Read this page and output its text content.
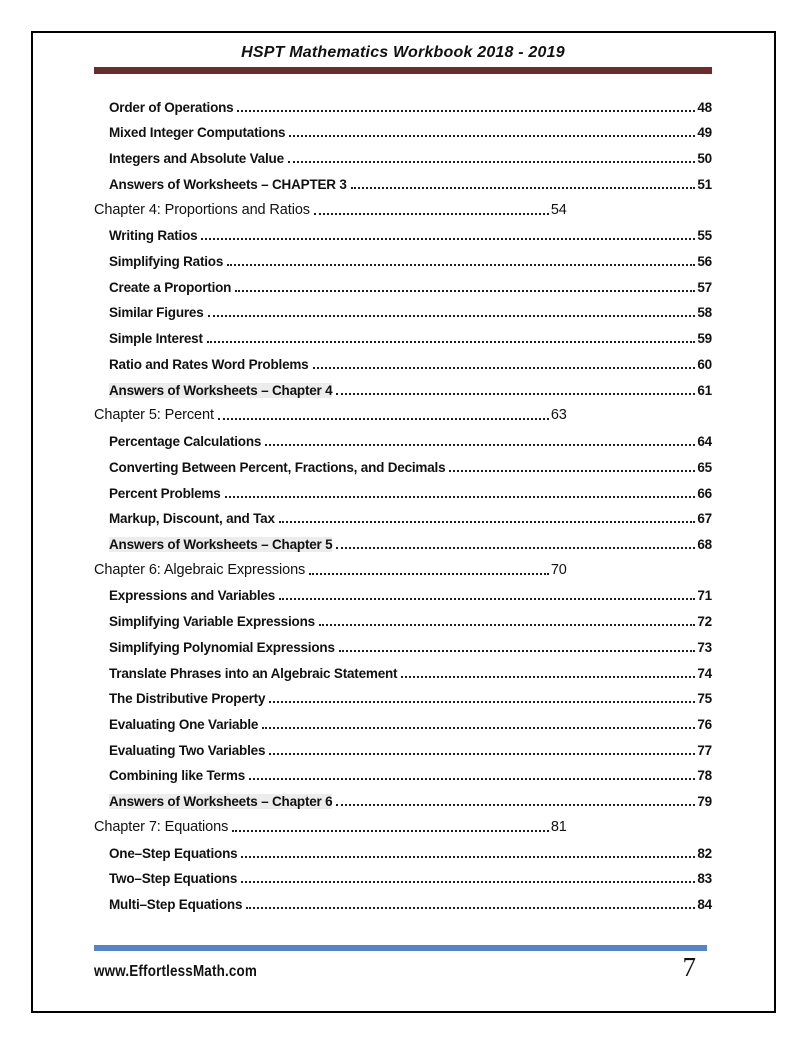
HSPT Mathematics Workbook 2018 - 2019
Order of Operations	48
Mixed Integer Computations	49
Integers and Absolute Value	50
Answers of Worksheets – CHAPTER 3	51
Chapter 4: Proportions and Ratios	54
Writing Ratios	55
Simplifying Ratios	56
Create a Proportion	57
Similar Figures	58
Simple Interest	59
Ratio and Rates Word Problems	60
Answers of Worksheets – Chapter 4	61
Chapter 5: Percent	63
Percentage Calculations	64
Converting Between Percent, Fractions, and Decimals	65
Percent Problems	66
Markup, Discount, and Tax	67
Answers of Worksheets – Chapter 5	68
Chapter 6: Algebraic Expressions	70
Expressions and Variables	71
Simplifying Variable Expressions	72
Simplifying Polynomial Expressions	73
Translate Phrases into an Algebraic Statement	74
The Distributive Property	75
Evaluating One Variable	76
Evaluating Two Variables	77
Combining like Terms	78
Answers of Worksheets – Chapter 6	79
Chapter 7: Equations	81
One–Step Equations	82
Two–Step Equations	83
Multi–Step Equations	84
www.EffortlessMath.com	7
